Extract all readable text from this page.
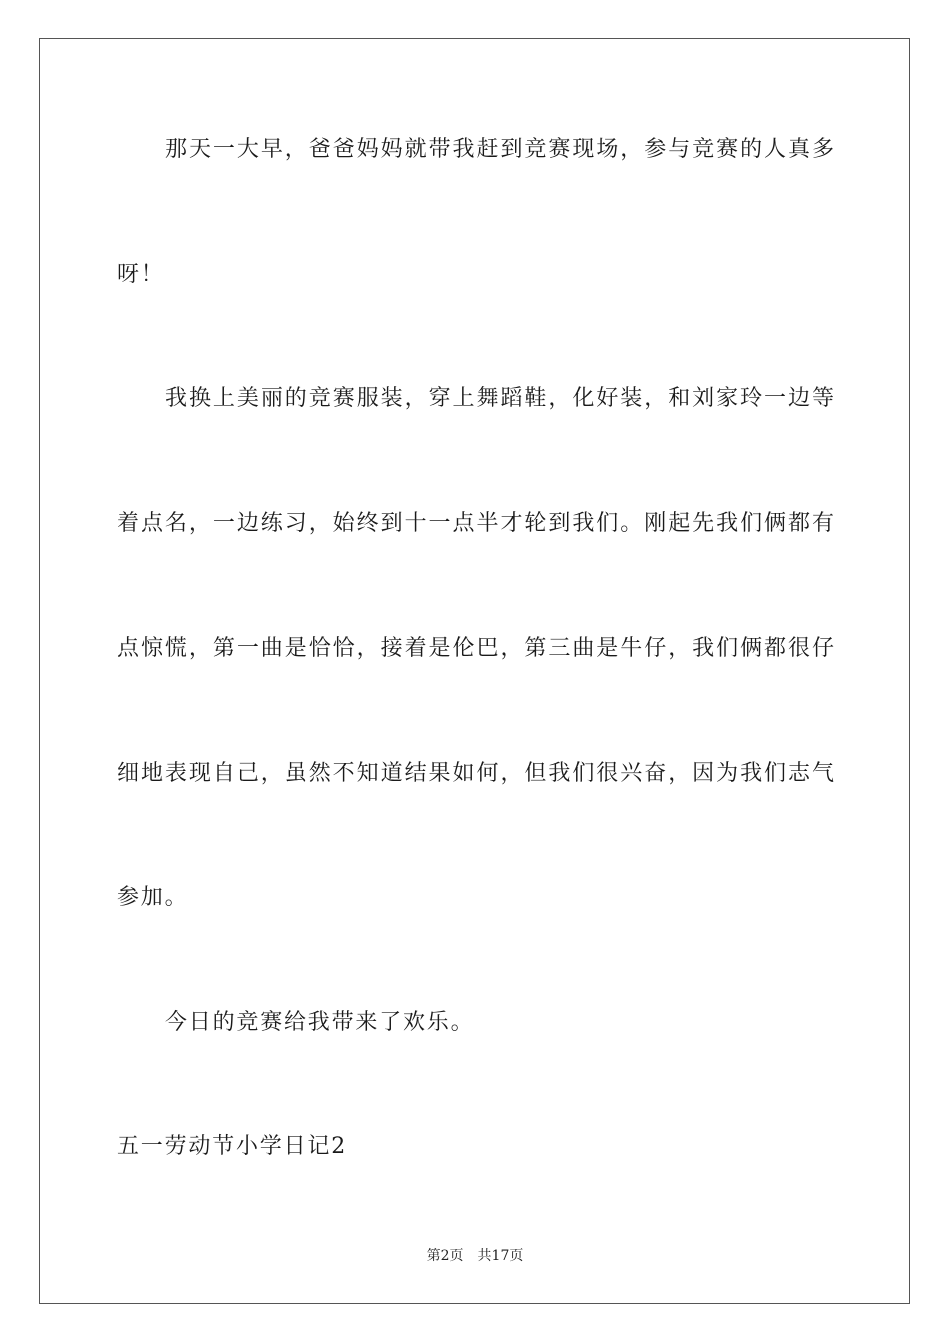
那天一大早，爸爸妈妈就带我赶到竞赛现场，参与竞赛的人真多
呀！
我换上美丽的竞赛服装，穿上舞蹈鞋，化好装，和刘家玲一边等
着点名，一边练习，始终到十一点半才轮到我们。刚起先我们俩都有
点惊慌，第一曲是恰恰，接着是伦巴，第三曲是牛仔，我们俩都很仔
细地表现自己，虽然不知道结果如何，但我们很兴奋，因为我们志气
参加。
今日的竞赛给我带来了欢乐。
五一劳动节小学日记2
第2页 共17页
